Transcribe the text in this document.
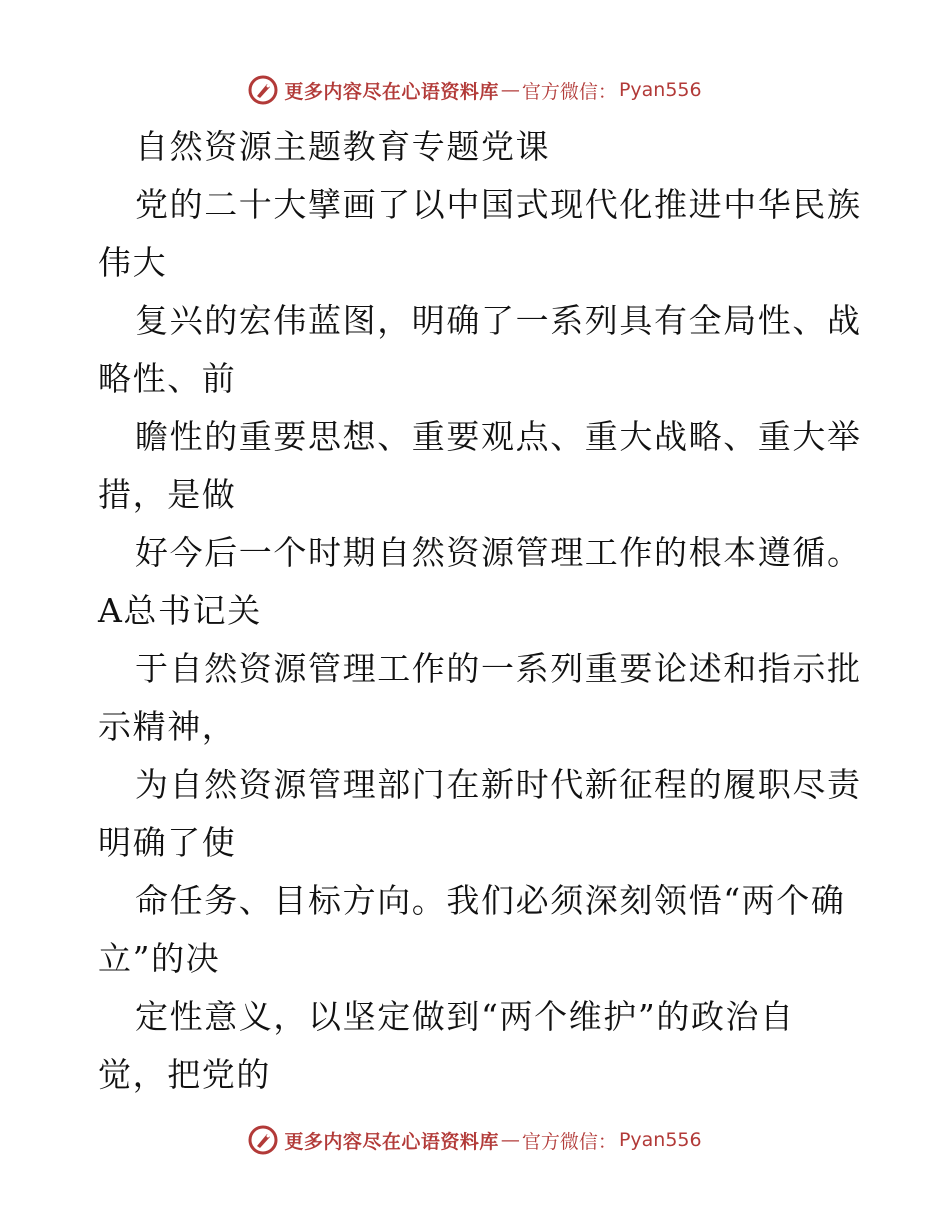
更多内容尽在心语资料库 — 官方微信： Pyan556
自然资源主题教育专题党课
党的二十大擘画了以中国式现代化推进中华民族
伟大
复兴的宏伟蓝图，明确了一系列具有全局性、战
略性、前
瞻性的重要思想、重要观点、重大战略、重大举
措，是做
好今后一个时期自然资源管理工作的根本遵循。
A总书记关
于自然资源管理工作的一系列重要论述和指示批
示精神，
为自然资源管理部门在新时代新征程的履职尽责
明确了使
命任务、目标方向。我们必须深刻领悟“两个确
立”的决
定性意义，以坚定做到“两个维护”的政治自
觉，把党的
更多内容尽在心语资料库 — 官方微信： Pyan556
